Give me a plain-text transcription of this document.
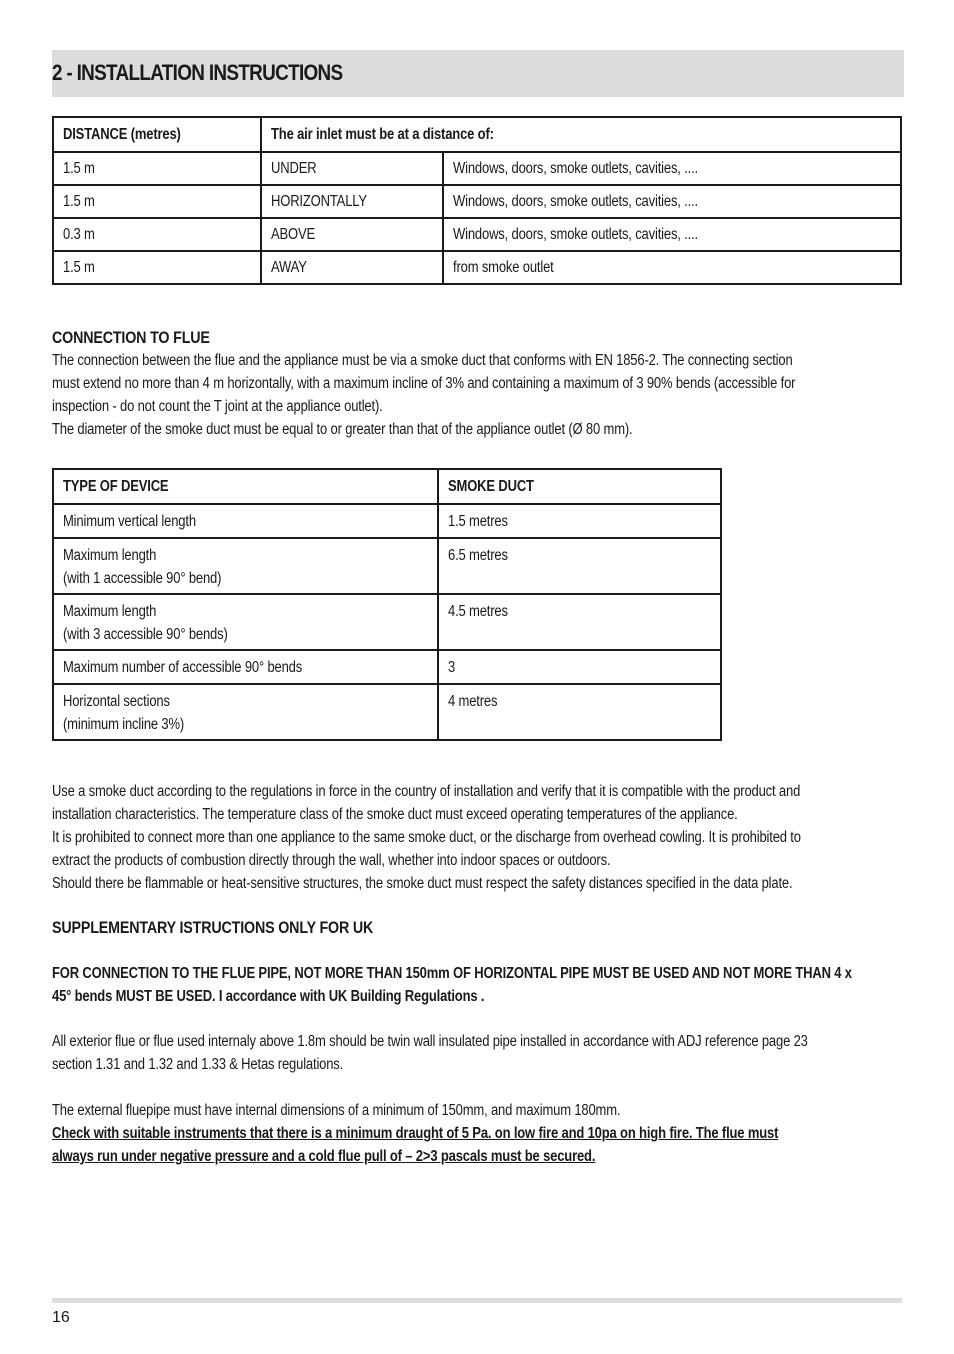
2 - INSTALLATION INSTRUCTIONS
DISTANCE (metres)	The air inlet must be at a distance of:	
1.5 m	UNDER	Windows, doors, smoke outlets, cavities, ....
1.5 m	HORIZONTALLY	Windows, doors, smoke outlets, cavities, ....
0.3 m	ABOVE	Windows, doors, smoke outlets, cavities, ....
1.5 m	AWAY	from smoke outlet
CONNECTION TO FLUE
The connection between the flue and the appliance must be via a smoke duct that conforms with EN 1856-2. The connecting section
must extend no more than 4 m horizontally, with a maximum incline of 3% and containing a maximum of 3 90% bends (accessible for
inspection - do not count the T joint at the appliance outlet).
The diameter of the smoke duct must be equal to or greater than that of the appliance outlet (Ø 80 mm).
TYPE OF DEVICE	SMOKE DUCT
Minimum vertical length	1.5 metres

Maximum length
(with 1 accessible 90° bend)	6.5 metres

Maximum length
(with 3 accessible 90° bends)	4.5 metres

Maximum number of accessible 90° bends	3

Horizontal sections
(minimum incline 3%)	4 metres
Use a smoke duct according to the regulations in force in the country of installation and verify that it is compatible with the product and
installation characteristics. The temperature class of the smoke duct must exceed operating temperatures of the appliance.
It is prohibited to connect more than one appliance to the same smoke duct, or the discharge from overhead cowling. It is prohibited to
extract the products of combustion directly through the wall, whether into indoor spaces or outdoors.
Should there be flammable or heat-sensitive structures, the smoke duct must respect the safety distances specified in the data plate.
SUPPLEMENTARY ISTRUCTIONS ONLY FOR UK
FOR CONNECTION TO THE FLUE PIPE, NOT MORE THAN 150mm OF HORIZONTAL PIPE MUST BE USED AND NOT MORE THAN 4 x
45° bends MUST BE USED. I accordance with UK Building Regulations .
All exterior flue or flue used internaly above 1.8m should be twin wall insulated pipe installed in accordance with ADJ reference page 23
section 1.31 and 1.32 and 1.33 & Hetas regulations.
The external fluepipe must have internal dimensions of a minimum of 150mm, and maximum 180mm.
Check with suitable instruments that there is a minimum draught of 5 Pa. on low fire and 10pa on high fire. The flue must
always run under negative pressure and a cold flue pull of – 2>3 pascals must be secured.
16
